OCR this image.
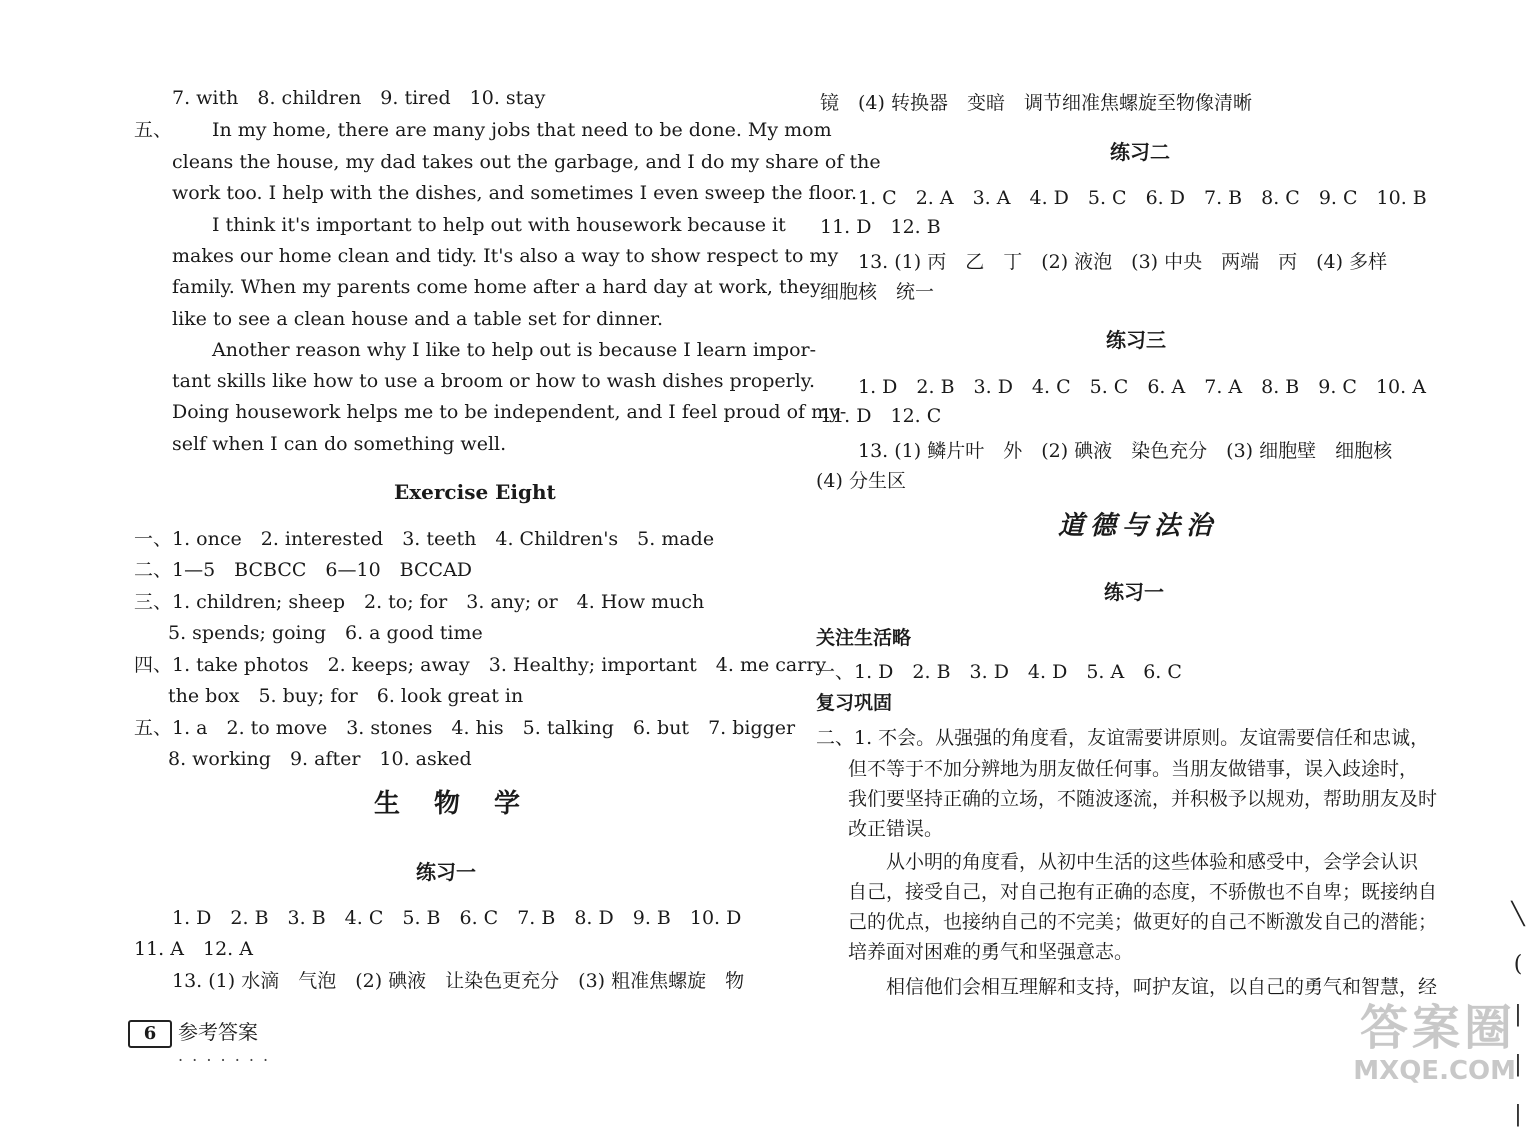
7. with　8. children　9. tired　10. stay
五、 In my home, there are many jobs that need to be done. My mom
cleans the house, my dad takes out the garbage, and I do my share of the
work too. I help with the dishes, and sometimes I even sweep the floor.
I think it's important to help out with housework because it
makes our home clean and tidy. It's also a way to show respect to my
family. When my parents come home after a hard day at work, they
like to see a clean house and a table set for dinner.
Another reason why I like to help out is because I learn impor-
tant skills like how to use a broom or how to wash dishes properly.
Doing housework helps me to be independent, and I feel proud of my-
self when I can do something well.
Exercise Eight
一、1. once　2. interested　3. teeth　4. Children's　5. made
二、1—5　BCBCC　6—10　BCCAD
三、1. children; sheep　2. to; for　3. any; or　4. How much
5. spends; going　6. a good time
四、1. take photos　2. keeps; away　3. Healthy; important　4. me carry
the box　5. buy; for　6. look great in
五、1. a　2. to move　3. stones　4. his　5. talking　6. but　7. bigger
8. working　9. after　10. asked
生物学
练习一
1. D　2. B　3. B　4. C　5. B　6. C　7. B　8. D　9. B　10. D
11. A　12. A
13. (1) 水滴　气泡　(2) 碘液　让染色更充分　(3) 粗准焦螺旋　物
镜　(4) 转换器　变暗　调节细准焦螺旋至物像清晰
练习二
1. C　2. A　3. A　4. D　5. C　6. D　7. B　8. C　9. C　10. B
11. D　12. B
13. (1) 丙　乙　丁　(2) 液泡　(3) 中央　两端　丙　(4) 多样
细胞核　统一
练习三
1. D　2. B　3. D　4. C　5. C　6. A　7. A　8. B　9. C　10. A
11. D　12. C
13. (1) 鳞片叶　外　(2) 碘液　染色充分　(3) 细胞壁　细胞核
(4) 分生区
道德与法治
练习一
关注生活略
一、1. D　2. B　3. D　4. D　5. A　6. C
复习巩固
二、1. 不会。从强强的角度看，友谊需要讲原则。友谊需要信任和忠诚，
但不等于不加分辨地为朋友做任何事。当朋友做错事，误入歧途时，
我们要坚持正确的立场，不随波逐流，并积极予以规劝，帮助朋友及时
改正错误。
从小明的角度看，从初中生活的这些体验和感受中，会学会认识
自己，接受自己，对自己抱有正确的态度，不骄傲也不自卑；既接纳自
己的优点，也接纳自己的不完美；做更好的自己不断激发自己的潜能；
培养面对困难的勇气和坚强意志。
相信他们会相互理解和支持，呵护友谊，以自己的勇气和智慧，经
6	参考答案
. . . . . . .
╲
(
|
|
|
答案圈
MXQE.COM
